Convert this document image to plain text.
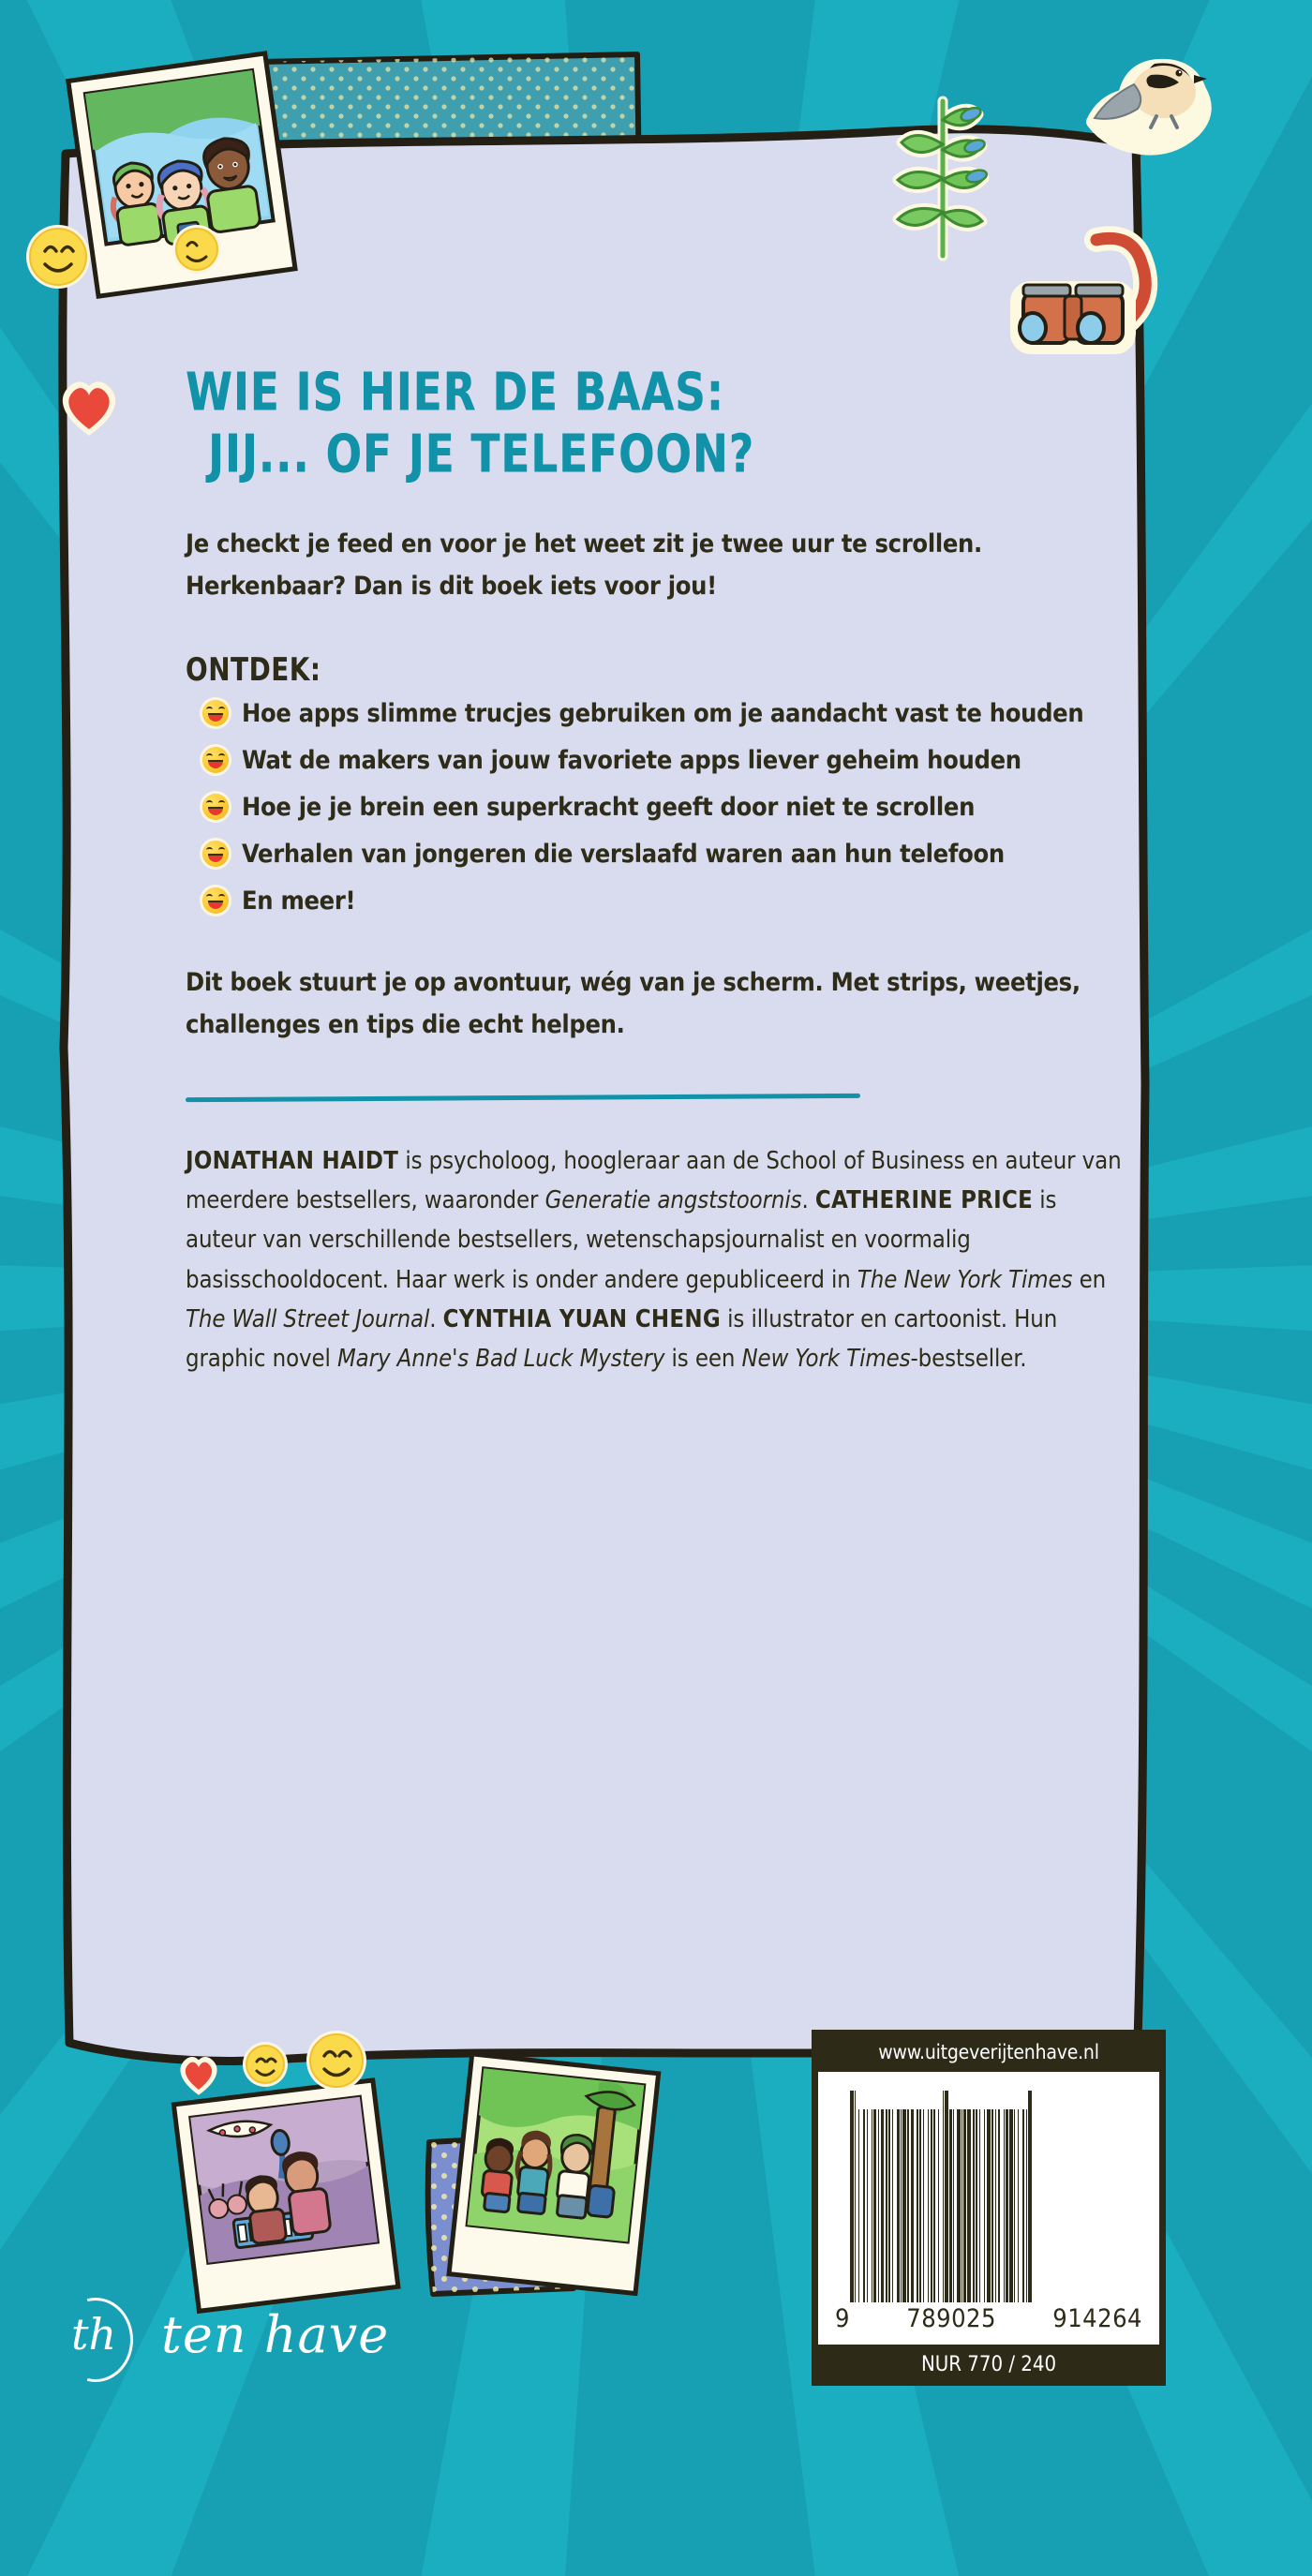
WIE IS HIER DE BAAS:
JIJ... OF JE TELEFOON?

Je checkt je feed en voor je het weet zit je twee uur te scrollen. Herkenbaar? Dan is dit boek iets voor jou!

ONTDEK:
Hoe apps slimme trucjes gebruiken om je aandacht vast te houden
Wat de makers van jouw favoriete apps liever geheim houden
Hoe je je brein een superkracht geeft door niet te scrollen
Verhalen van jongeren die verslaafd waren aan hun telefoon
En meer!

Dit boek stuurt je op avontuur, wég van je scherm. Met strips, weetjes, challenges en tips die echt helpen.

JONATHAN HAIDT is psycholoog, hoogleraar aan de School of Business en auteur van meerdere bestsellers, waaronder Generatie angststoornis. CATHERINE PRICE is auteur van verschillende bestsellers, wetenschapsjournalist en voormalig basisschooldocent. Haar werk is onder andere gepubliceerd in The New York Times en The Wall Street Journal. CYNTHIA YUAN CHENG is illustrator en cartoonist. Hun graphic novel Mary Anne's Bad Luck Mystery is een New York Times-bestseller.

www.uitgeverijtenhave.nl
9 789025 914264
NUR 770 / 240
th ten have
